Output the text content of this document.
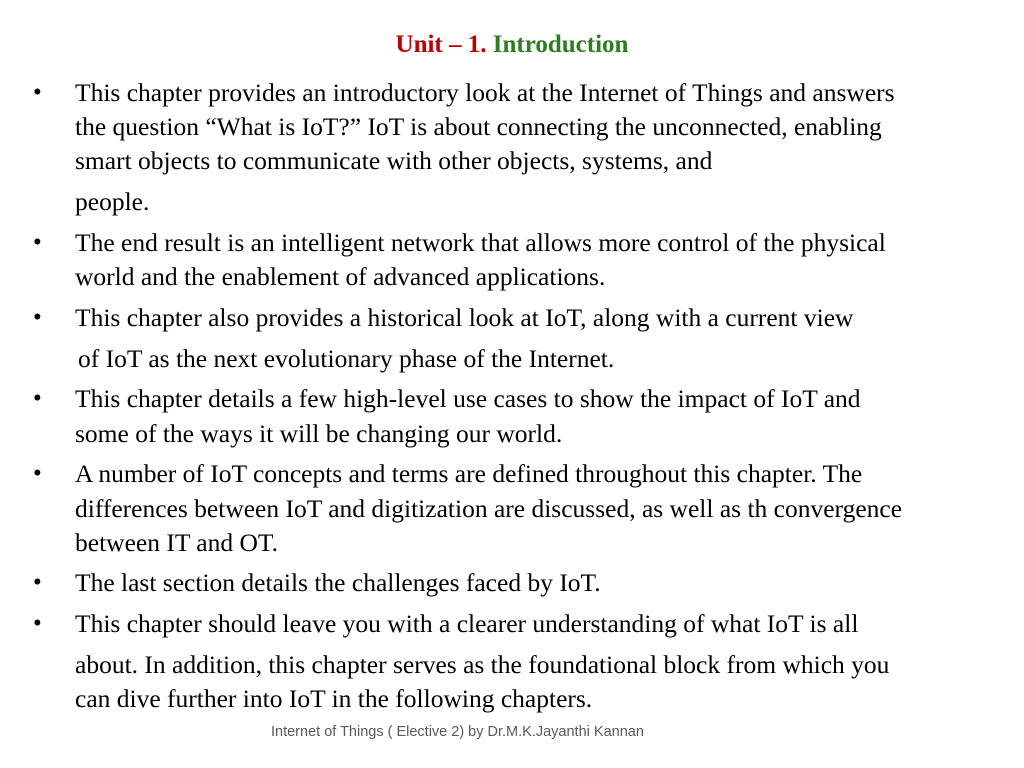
Unit – 1. Introduction
• This chapter provides an introductory look at the Internet of Things and answers
the question “What is IoT?” IoT is about connecting the unconnected, enabling
smart objects to communicate with other objects, systems, and
people.
• The end result is an intelligent network that allows more control of the physical
world and the enablement of advanced applications.
• This chapter also provides a historical look at IoT, along with a current view
of IoT as the next evolutionary phase of the Internet.
• This chapter details a few high-level use cases to show the impact of IoT and
some of the ways it will be changing our world.
• A number of IoT concepts and terms are defined throughout this chapter. The
differences between IoT and digitization are discussed, as well as th convergence
between IT and OT.
• The last section details the challenges faced by IoT.
• This chapter should leave you with a clearer understanding of what IoT is all
about. In addition, this chapter serves as the foundational block from which you
can dive further into IoT in the following chapters.
Internet of Things ( Elective 2) by Dr.M.K.Jayanthi Kannan
